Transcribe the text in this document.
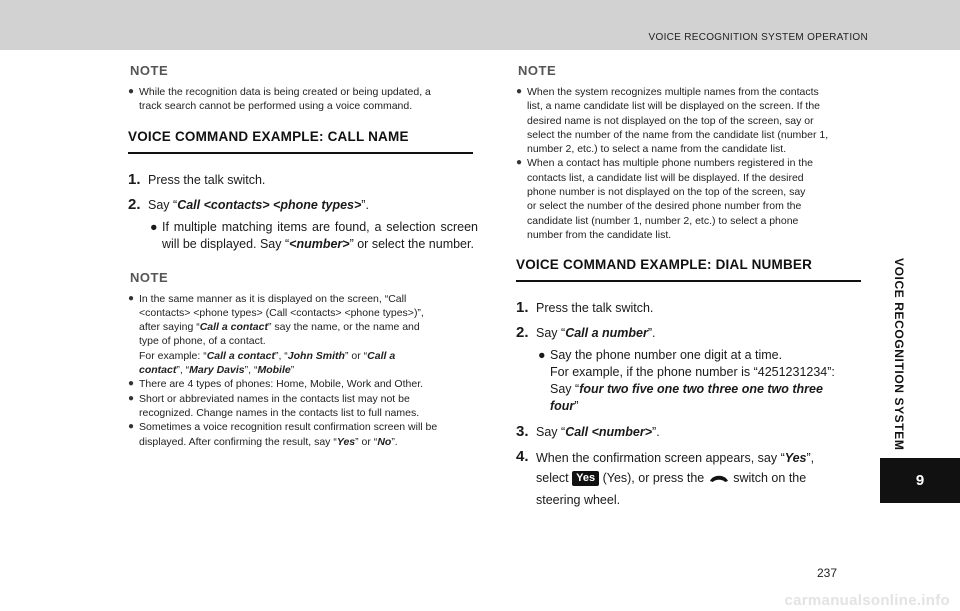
VOICE RECOGNITION SYSTEM OPERATION
VOICE RECOGNITION SYSTEM
9
NOTE
● While the recognition data is being created or being updated, a
track search cannot be performed using a voice command.
VOICE COMMAND EXAMPLE: CALL NAME
1. Press the talk switch.
2. Say “Call <contacts> <phone types>”.
● If multiple matching items are found, a selection screen will be displayed. Say “<number>” or select the number.
NOTE
● In the same manner as it is displayed on the screen, “Call
<contacts> <phone types> (Call <contacts> <phone types>)”,
after saying “Call a contact” say the name, or the name and
type of phone, of a contact.
For example: “Call a contact”, “John Smith” or “Call a
contact”, “Mary Davis”, “Mobile”
● There are 4 types of phones: Home, Mobile, Work and Other.
● Short or abbreviated names in the contacts list may not be
recognized. Change names in the contacts list to full names.
● Sometimes a voice recognition result confirmation screen will be
displayed. After confirming the result, say “Yes” or “No”.
NOTE
● When the system recognizes multiple names from the contacts
list, a name candidate list will be displayed on the screen. If the
desired name is not displayed on the top of the screen, say or
select the number of the name from the candidate list (number 1,
number 2, etc.) to select a name from the candidate list.
● When a contact has multiple phone numbers registered in the
contacts list, a candidate list will be displayed. If the desired
phone number is not displayed on the top of the screen, say
or select the number of the desired phone number from the
candidate list (number 1, number 2, etc.) to select a phone
number from the candidate list.
VOICE COMMAND EXAMPLE: DIAL NUMBER
1. Press the talk switch.
2. Say “Call a number”.
● Say the phone number one digit at a time.
For example, if the phone number is “4251231234”:
Say “four two five one two three one two three
four”
3. Say “Call <number>”.
4. When the confirmation screen appears, say “Yes”,
select Yes (Yes), or press the switch on the
steering wheel.
237
carmanualsonline.info
